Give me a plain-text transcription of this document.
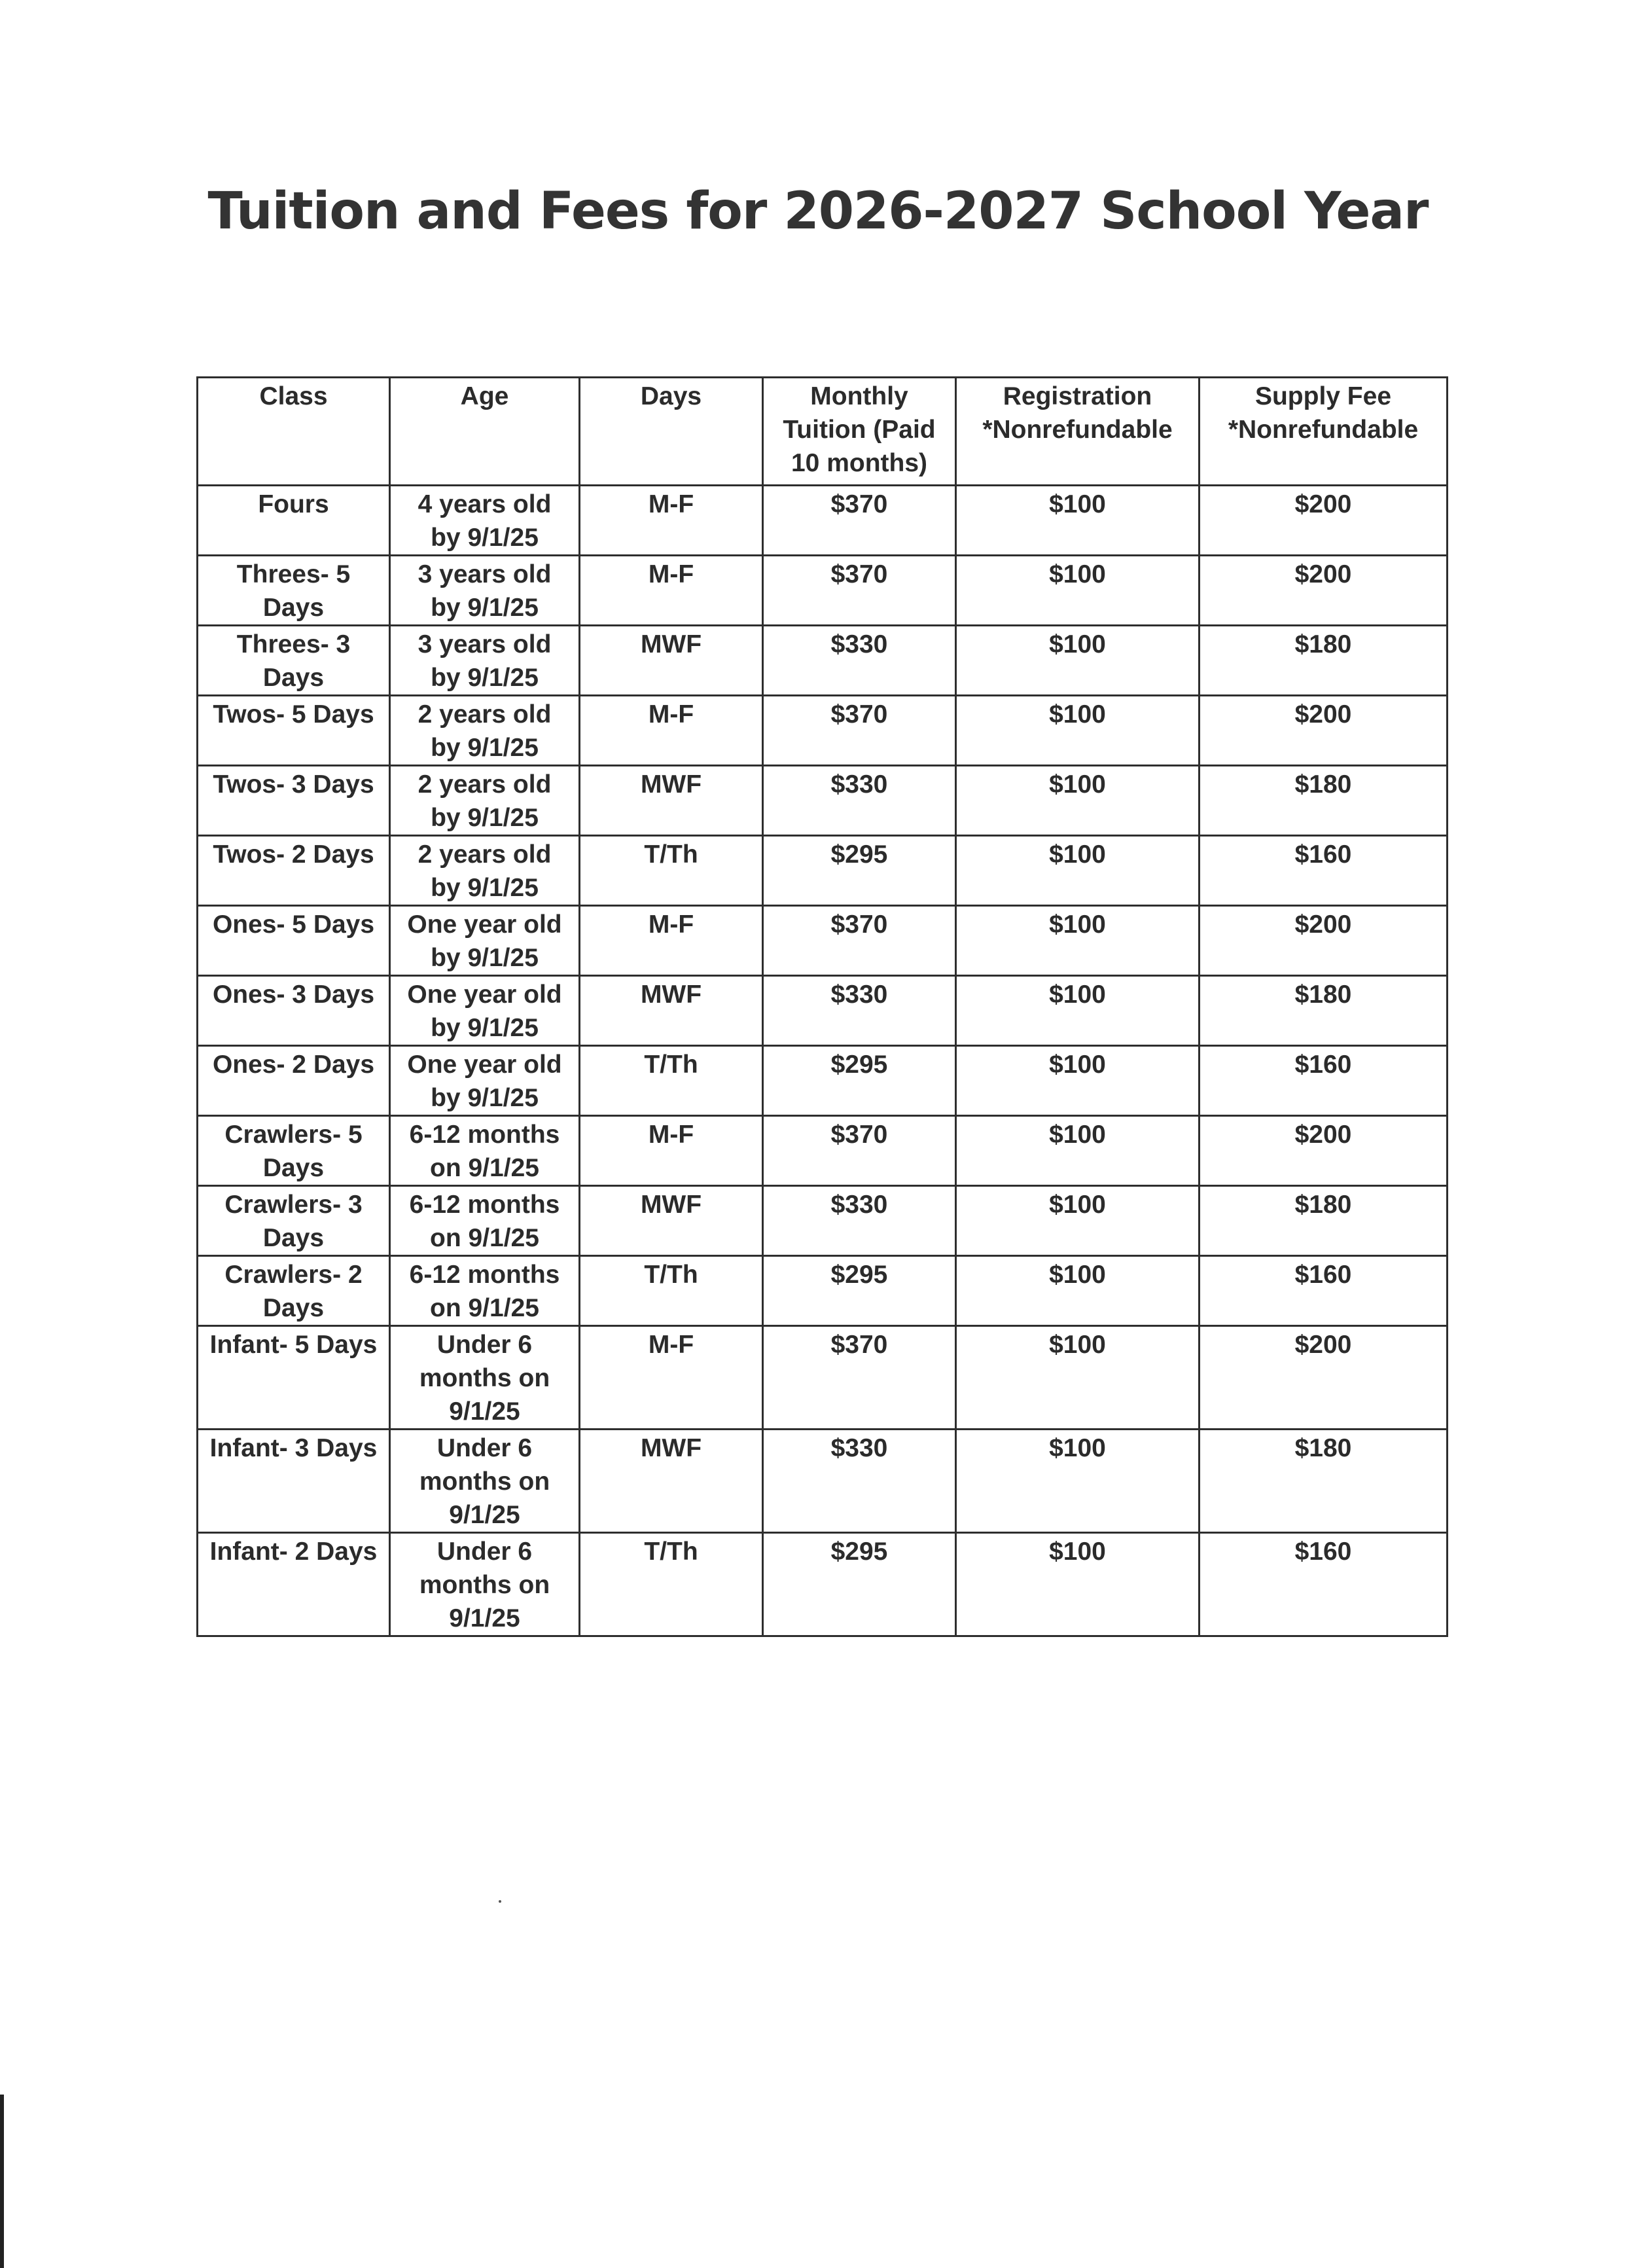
Tuition and Fees for 2026-2027 School Year
Class	Age	Days	Monthly Tuition (Paid 10 months)	Registration *Nonrefundable	Supply Fee *Nonrefundable
Fours	4 years old by 9/1/25	M-F	$370	$100	$200
Threes- 5 Days	3 years old by 9/1/25	M-F	$370	$100	$200
Threes- 3 Days	3 years old by 9/1/25	MWF	$330	$100	$180
Twos- 5 Days	2 years old by 9/1/25	M-F	$370	$100	$200
Twos- 3 Days	2 years old by 9/1/25	MWF	$330	$100	$180
Twos- 2 Days	2 years old by 9/1/25	T/Th	$295	$100	$160
Ones- 5 Days	One year old by 9/1/25	M-F	$370	$100	$200
Ones- 3 Days	One year old by 9/1/25	MWF	$330	$100	$180
Ones- 2 Days	One year old by 9/1/25	T/Th	$295	$100	$160
Crawlers- 5 Days	6-12 months on 9/1/25	M-F	$370	$100	$200
Crawlers- 3 Days	6-12 months on 9/1/25	MWF	$330	$100	$180
Crawlers- 2 Days	6-12 months on 9/1/25	T/Th	$295	$100	$160
Infant- 5 Days	Under 6 months on 9/1/25	M-F	$370	$100	$200
Infant- 3 Days	Under 6 months on 9/1/25	MWF	$330	$100	$180
Infant- 2 Days	Under 6 months on 9/1/25	T/Th	$295	$100	$160
